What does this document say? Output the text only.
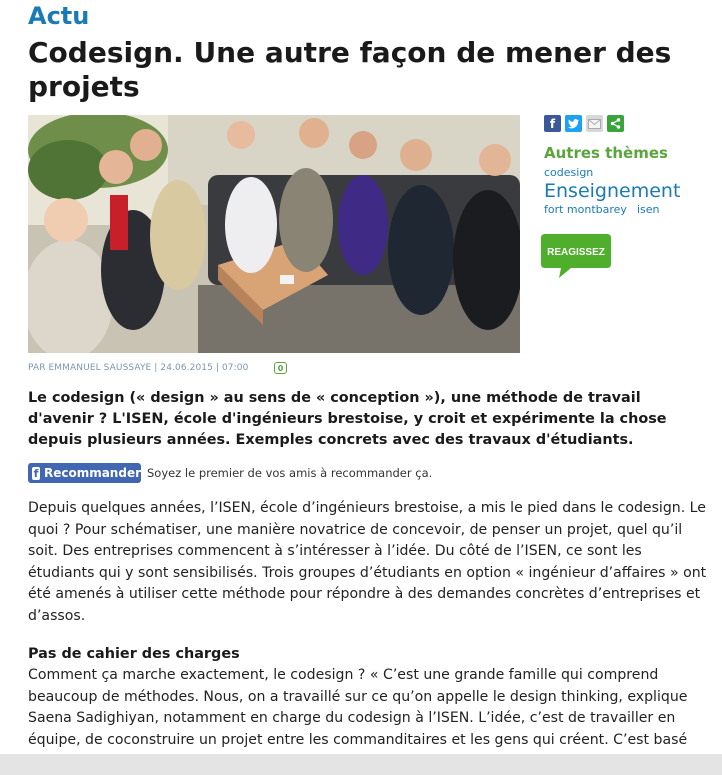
Actu
Codesign. Une autre façon de mener des projets
f
Autres thèmes
codesign
Enseignement
fort montbarey isen
REAGISSEZ
PAR EMMANUEL SAUSSAYE | 24.06.2015 | 07:00	0

Le codesign (« design » au sens de « conception »), une méthode de travail d'avenir ? L'ISEN, école d'ingénieurs brestoise, y croit et expérimente la chose depuis plusieurs années. Exemples concrets avec des travaux d'étudiants.

f Recommander Soyez le premier de vos amis à recommander ça.

Depuis quelques années, l’ISEN, école d’ingénieurs brestoise, a mis le pied dans le codesign. Le quoi ? Pour schématiser, une manière novatrice de concevoir, de penser un projet, quel qu’il soit. Des entreprises commencent à s’intéresser à l’idée. Du côté de l’ISEN, ce sont les étudiants qui y sont sensibilisés. Trois groupes d’étudiants en option « ingénieur d’affaires » ont été amenés à utiliser cette méthode pour répondre à des demandes concrètes d’entreprises et d’assos.

Pas de cahier des charges

Comment ça marche exactement, le codesign ? « C’est une grande famille qui comprend beaucoup de méthodes. Nous, on a travaillé sur ce qu’on appelle le design thinking, explique Saena Sadighiyan, notamment en charge du codesign à l’ISEN. L’idée, c’est de travailler en équipe, de coconstruire un projet entre les commanditaires et les gens qui créent. C’est basé
